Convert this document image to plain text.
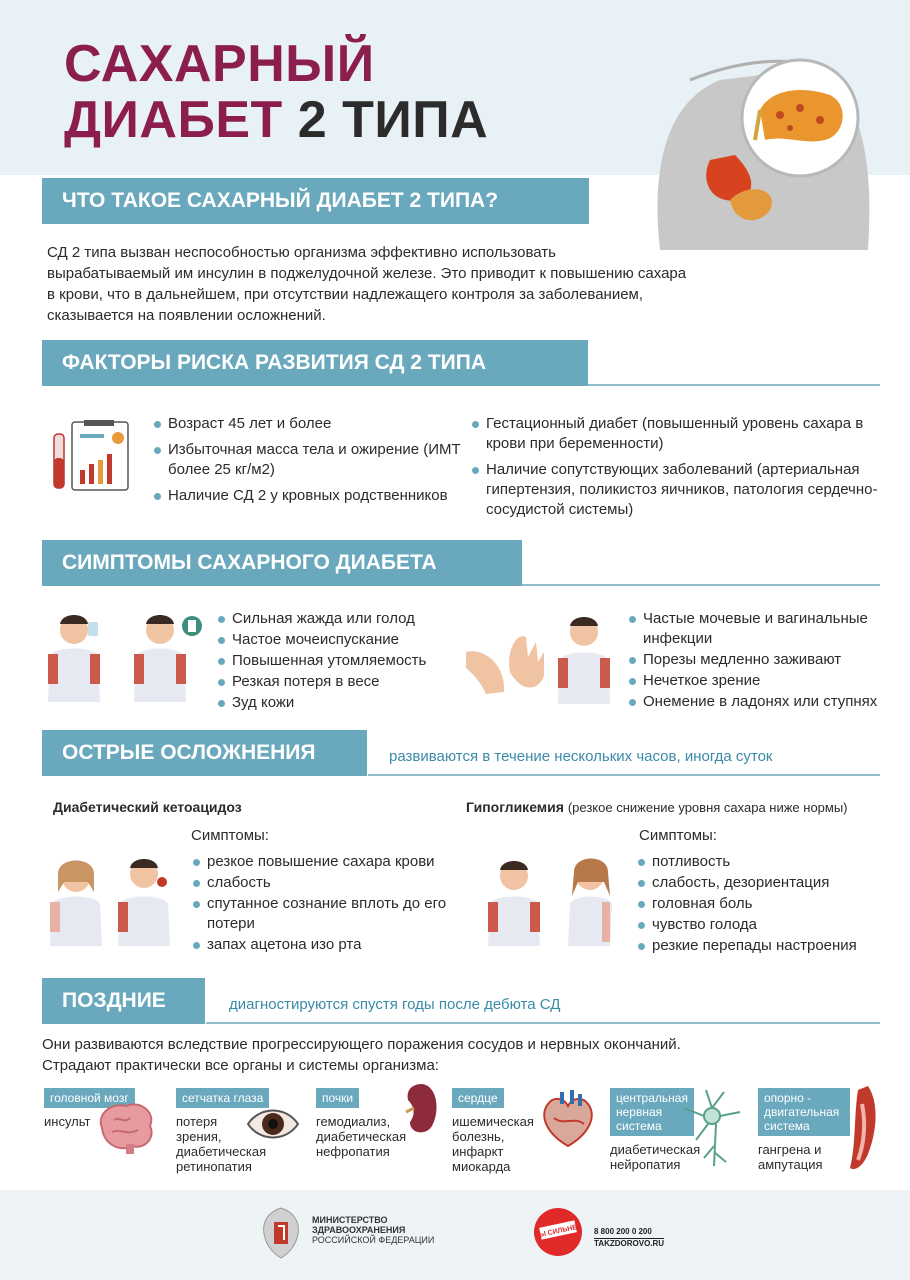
САХАРНЫЙ
ДИАБЕТ 2 ТИПА
ЧТО ТАКОЕ САХАРНЫЙ ДИАБЕТ 2 ТИПА?
СД 2 типа вызван неспособностью организма эффективно использовать
вырабатываемый им инсулин в поджелудочной железе. Это приводит к повышению сахара
в крови, что в дальнейшем, при отсутствии надлежащего контроля за заболеванием,
сказывается на появлении осложнений.
ФАКТОРЫ РИСКА РАЗВИТИЯ СД 2 ТИПА
Возраст 45 лет и более
Избыточная масса тела и ожирение (ИМТ более 25 кг/м2)
Наличие СД 2 у кровных родственников
Гестационный диабет (повышенный уровень сахара в крови при беременности)
Наличие сопутствующих заболеваний (артериальная гипертензия, поликистоз яичников, патология сердечно-сосудистой системы)
СИМПТОМЫ САХАРНОГО ДИАБЕТА
Сильная жажда или голод
Частое мочеиспускание
Повышенная утомляемость
Резкая потеря в весе
Зуд кожи
Частые мочевые и вагинальные инфекции
Порезы медленно заживают
Нечеткое зрение
Онемение в ладонях или ступнях
ОСТРЫЕ ОСЛОЖНЕНИЯ	развиваются в течение нескольких часов, иногда суток
Диабетический кетоацидоз
Симптомы:
резкое повышение сахара крови
слабость
спутанное сознание вплоть до его потери
запах ацетона изо рта
Гипогликемия (резкое снижение уровня сахара ниже нормы)
Симптомы:
потливость
слабость, дезориентация
головная боль
чувство голода
резкие перепады настроения
ПОЗДНИЕ	диагностируются спустя годы после дебюта СД
Они развиваются вследствие прогрессирующего поражения сосудов и нервных окончаний.
Страдают практически все органы и системы организма:
головной мозг
инсульт
сетчатка глаза
потеря зрения, диабетическая ретинопатия
почки
гемодиализ, диабетическая нефропатия
сердце
ишемическая болезнь, инфаркт миокарда
центральная нервная система
диабетическая нейропатия
опорно - двигательная система
гангрена и ампутация
МИНИСТЕРСТВО
ЗДРАВООХРАНЕНИЯ
РОССИЙСКОЙ ФЕДЕРАЦИИ
ТЫ СИЛЬНЕЕ 8 800 200 0 200
TAKZDOROVO.RU
